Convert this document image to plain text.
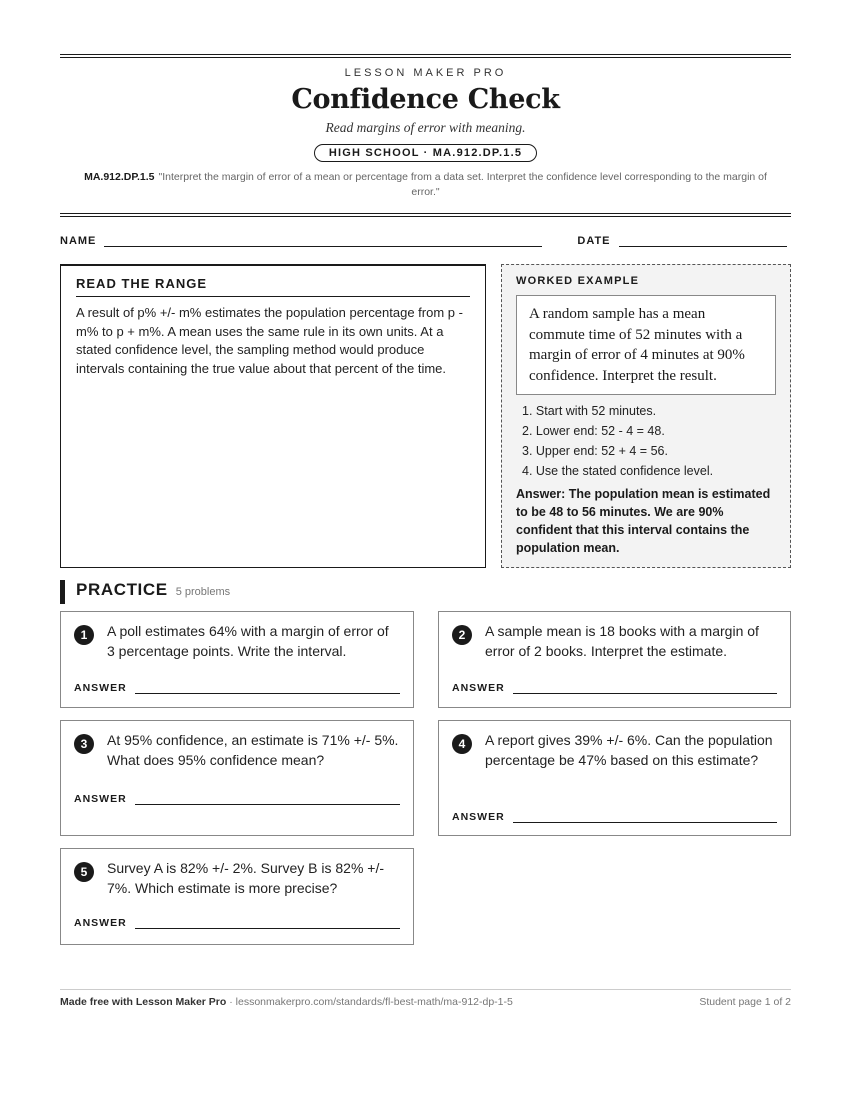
LESSON MAKER PRO
Confidence Check
Read margins of error with meaning.
HIGH SCHOOL · MA.912.DP.1.5
MA.912.DP.1.5 "Interpret the margin of error of a mean or percentage from a data set. Interpret the confidence level corresponding to the margin of error."
NAME	DATE
READ THE RANGE
A result of p% +/- m% estimates the population percentage from p - m% to p + m%. A mean uses the same rule in its own units. At a stated confidence level, the sampling method would produce intervals containing the true value about that percent of the time.
WORKED EXAMPLE
A random sample has a mean commute time of 52 minutes with a margin of error of 4 minutes at 90% confidence. Interpret the result.
1. Start with 52 minutes.
2. Lower end: 52 - 4 = 48.
3. Upper end: 52 + 4 = 56.
4. Use the stated confidence level.
Answer: The population mean is estimated to be 48 to 56 minutes. We are 90% confident that this interval contains the population mean.
PRACTICE 5 problems
1	A poll estimates 64% with a margin of error of 3 percentage points. Write the interval.
ANSWER
2	A sample mean is 18 books with a margin of error of 2 books. Interpret the estimate.
ANSWER
3	At 95% confidence, an estimate is 71% +/- 5%. What does 95% confidence mean?
ANSWER
4	A report gives 39% +/- 6%. Can the population percentage be 47% based on this estimate?
ANSWER
5	Survey A is 82% +/- 2%. Survey B is 82% +/- 7%. Which estimate is more precise?
ANSWER
Made free with Lesson Maker Pro · lessonmakerpro.com/standards/fl-best-math/ma-912-dp-1-5	Student page 1 of 2
